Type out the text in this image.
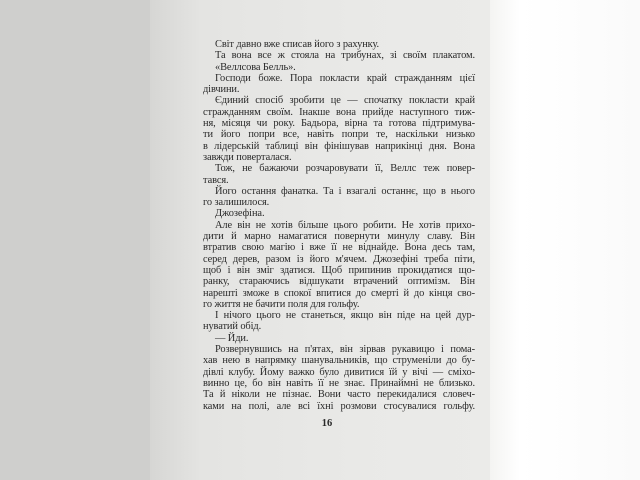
Світ давно вже списав його з рахунку.
Та вона все ж стояла на трибунах, зі своїм плакатом.
«Веллсова Белль».
Господи боже. Пора покласти край стражданням цієї
дівчини.
Єдиний спосіб зробити це — спочатку покласти край
стражданням своїм. Інакше вона прийде наступного тиж-
ня, місяця чи року. Бадьора, вірна та готова підтримува-
ти його попри все, навіть попри те, наскільки низько
в лідерській таблиці він фінішував наприкінці дня. Вона
завжди поверталася.
Тож, не бажаючи розчаровувати її, Веллс теж повер-
тався.
Його остання фанатка. Та і взагалі останнє, що в нього
го залишилося.
Джозефіна.
Але він не хотів більше цього робити. Не хотів прихо-
дити й марно намагатися повернути минулу славу. Він
втратив свою магію і вже її не віднайде. Вона десь там,
серед дерев, разом із його м'ячем. Джозефіні треба піти,
щоб і він зміг здатися. Щоб припинив прокидатися що-
ранку, стараючись відшукати втрачений оптимізм. Він
нарешті зможе в спокої впитися до смерті й до кінця сво-
го життя не бачити поля для гольфу.
І нічого цього не станеться, якщо він піде на цей дур-
нуватий обід.
— Йди.
Розвернувшись на п'ятах, він зірвав рукавицю і пома-
хав нею в напрямку шанувальників, що струменіли до бу-
дівлі клубу. Йому важко було дивитися їй у вічі — сміхо-
винно це, бо він навіть її не знає. Принаймні не близько.
Та й ніколи не пізнає. Вони часто перекидалися словеч-
ками на полі, але всі їхні розмови стосувалися гольфу.
16
